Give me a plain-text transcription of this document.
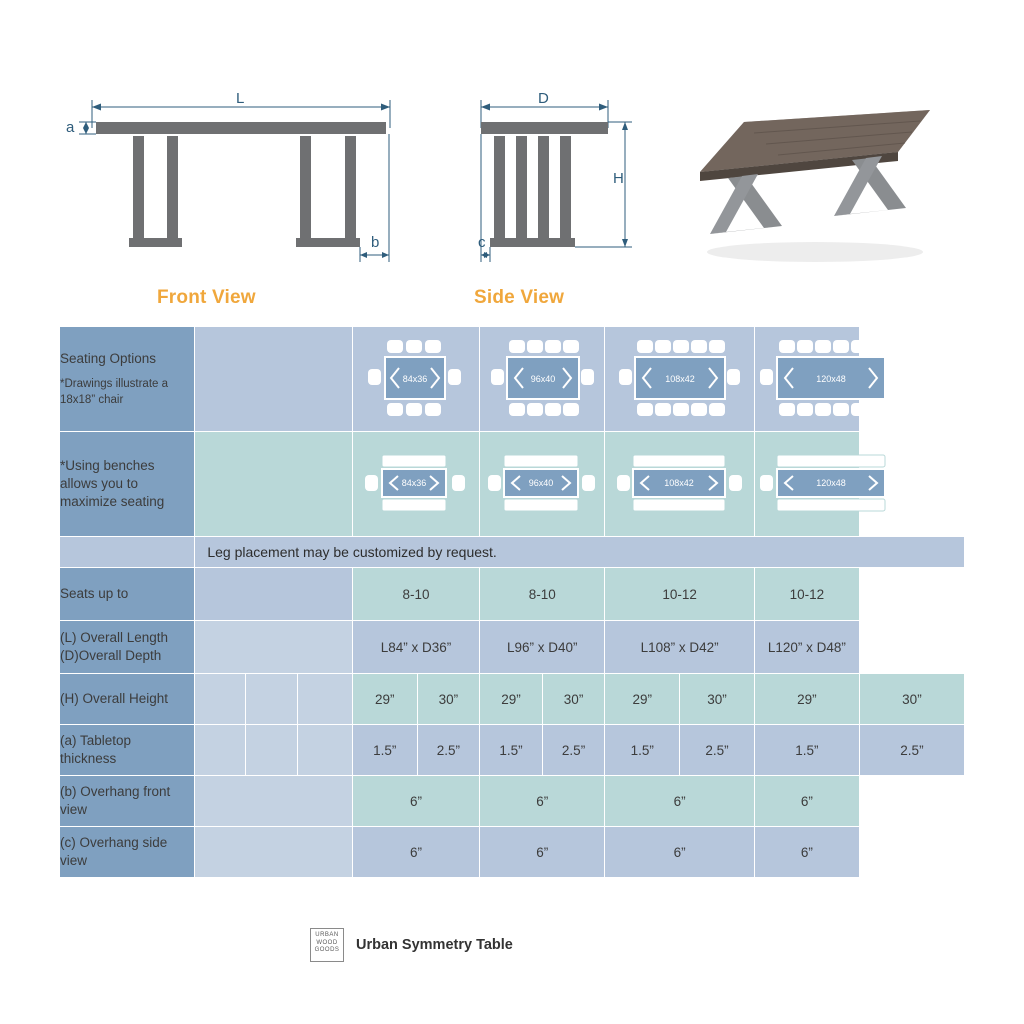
L
a
b
D
H
c
Front View	Side View
Seating Options
*Drawings illustrate a 18x18” chair				84x36		96x40		108x42		120x48	

*Using benches allows you to maximize seating				84x36		96x40		108x42		120x48	

	Leg placement may be customized by request.										
Seats up to				8-10		8-10		10-12		10-12	
(L) Overall Length
(D)Overall Depth				L84” x D36”		L96” x D40”		L108” x D42”		L120” x D48”	
(H) Overall Height				29”	30”	29”	30”	29”	30”	29”	30”
(a) Tabletop
thickness				1.5”	2.5”	1.5”	2.5”	1.5”	2.5”	1.5”	2.5”
(b) Overhang front
view				6”		6”		6”		6”	
(c) Overhang side
view				6”		6”		6”		6”	
URBAN
WOOD
GOODS Urban Symmetry Table
